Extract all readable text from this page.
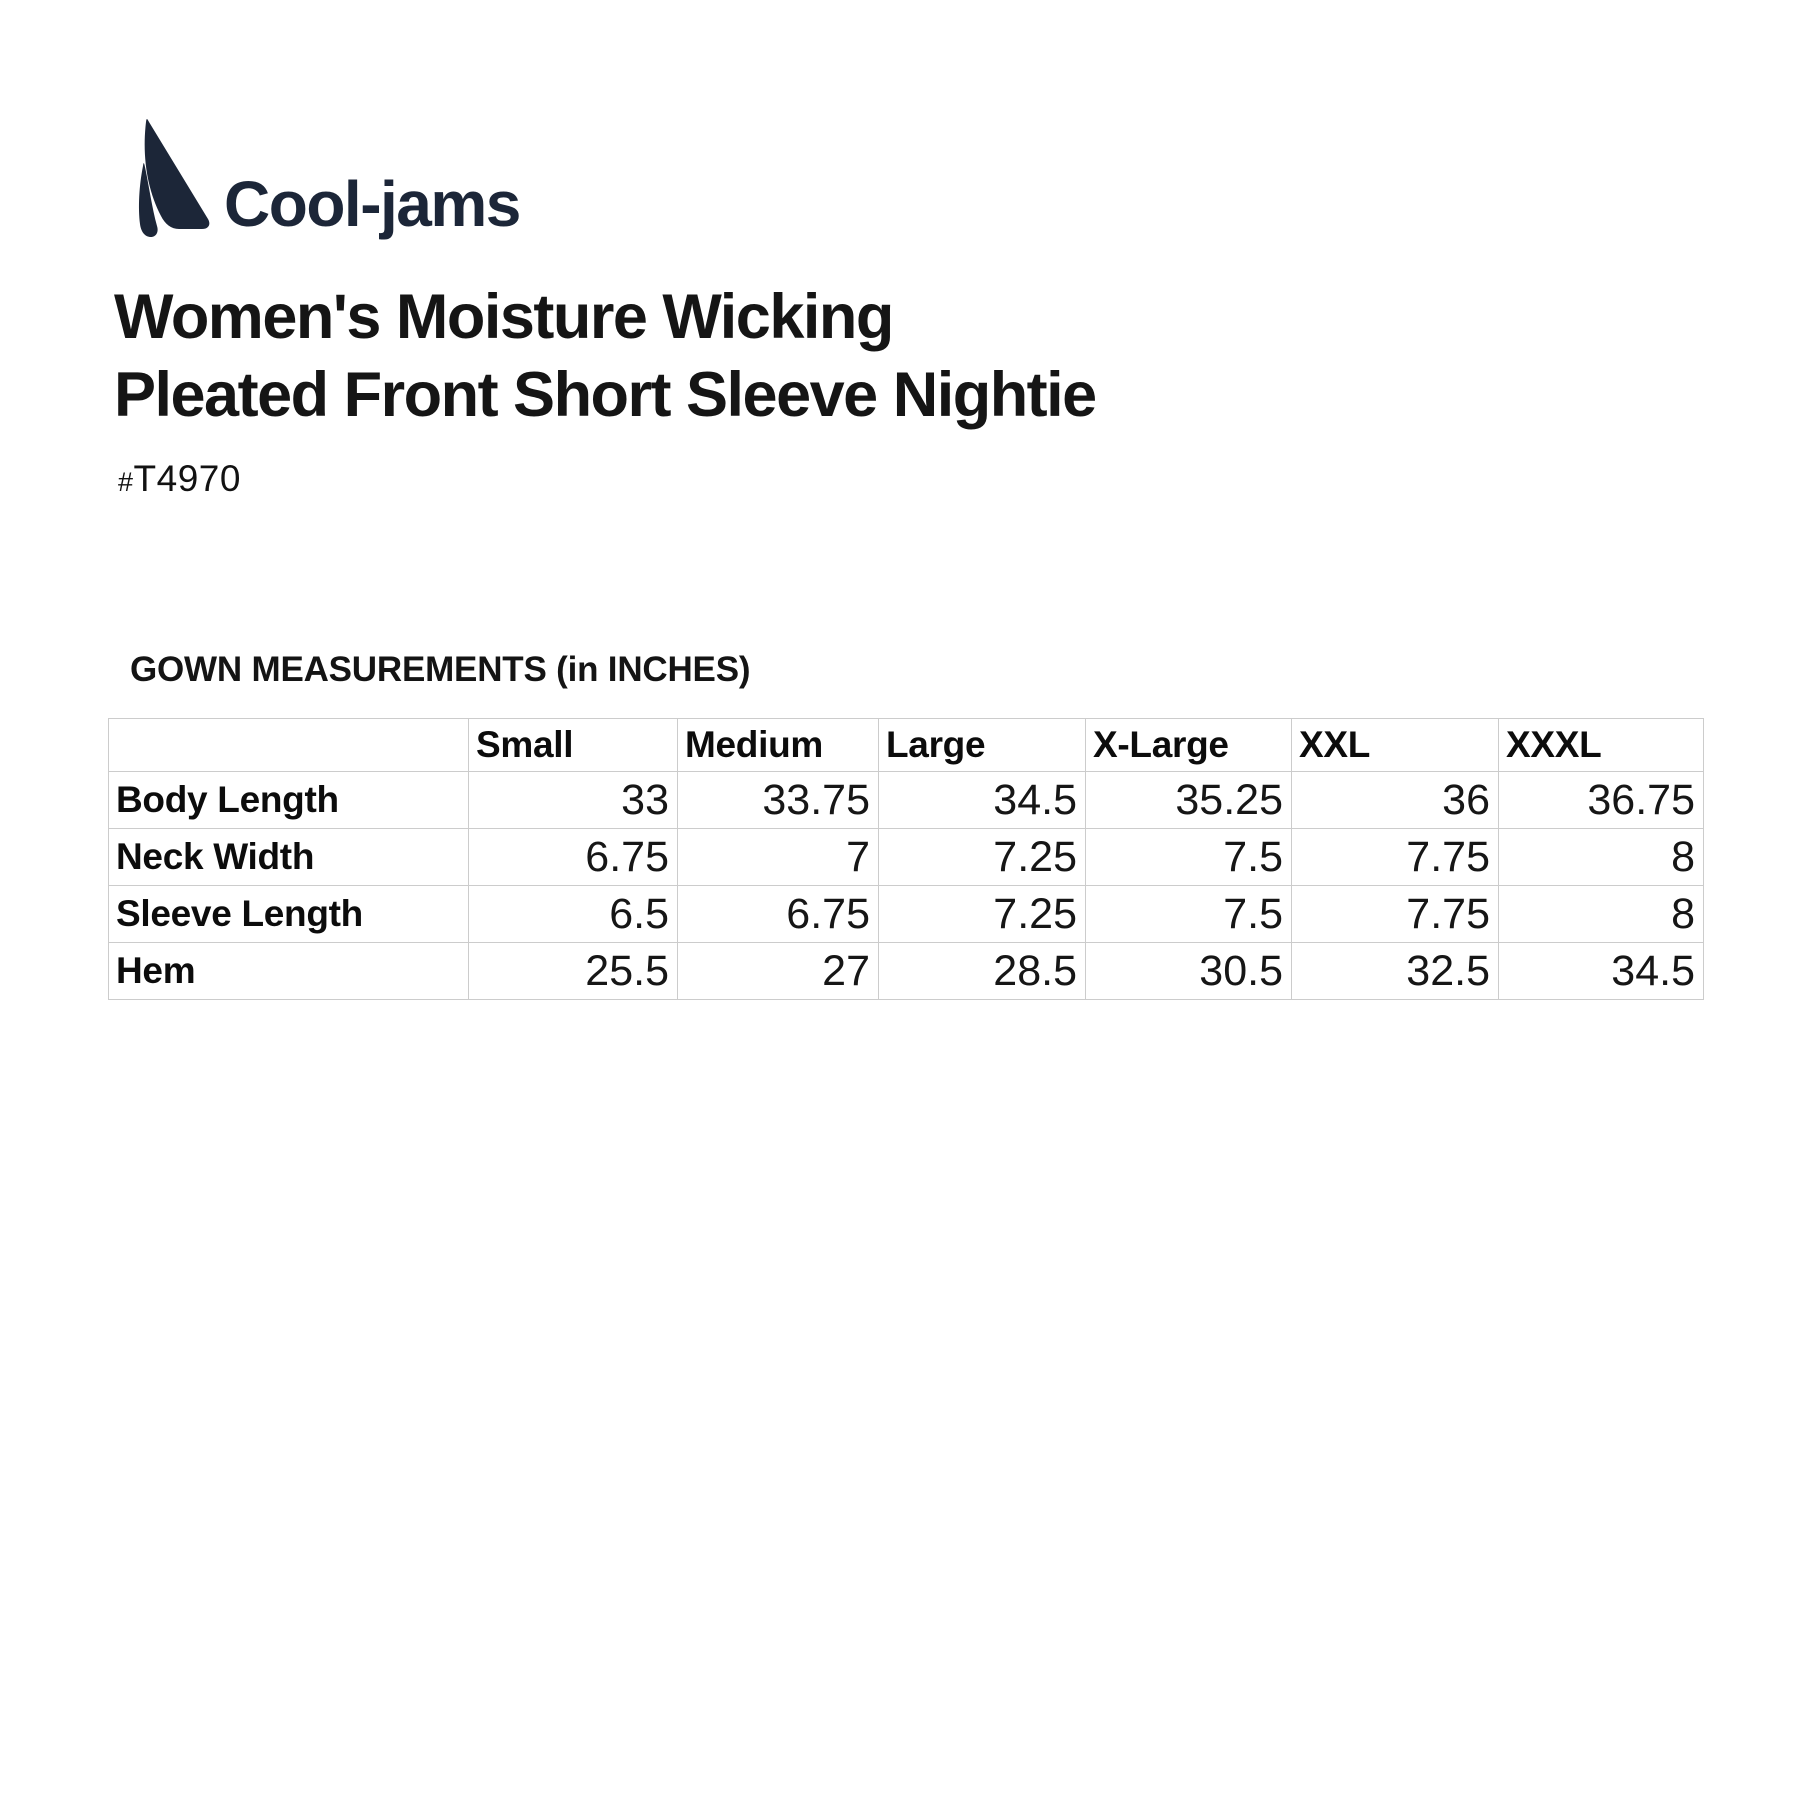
Cool-jams
Women's Moisture Wicking
Pleated Front Short Sleeve Nightie
#T4970
GOWN MEASUREMENTS (in INCHES)
	Small	Medium	Large	X-Large	XXL	XXXL
Body Length	33	33.75	34.5	35.25	36	36.75
Neck Width	6.75	7	7.25	7.5	7.75	8
Sleeve Length	6.5	6.75	7.25	7.5	7.75	8
Hem	25.5	27	28.5	30.5	32.5	34.5
